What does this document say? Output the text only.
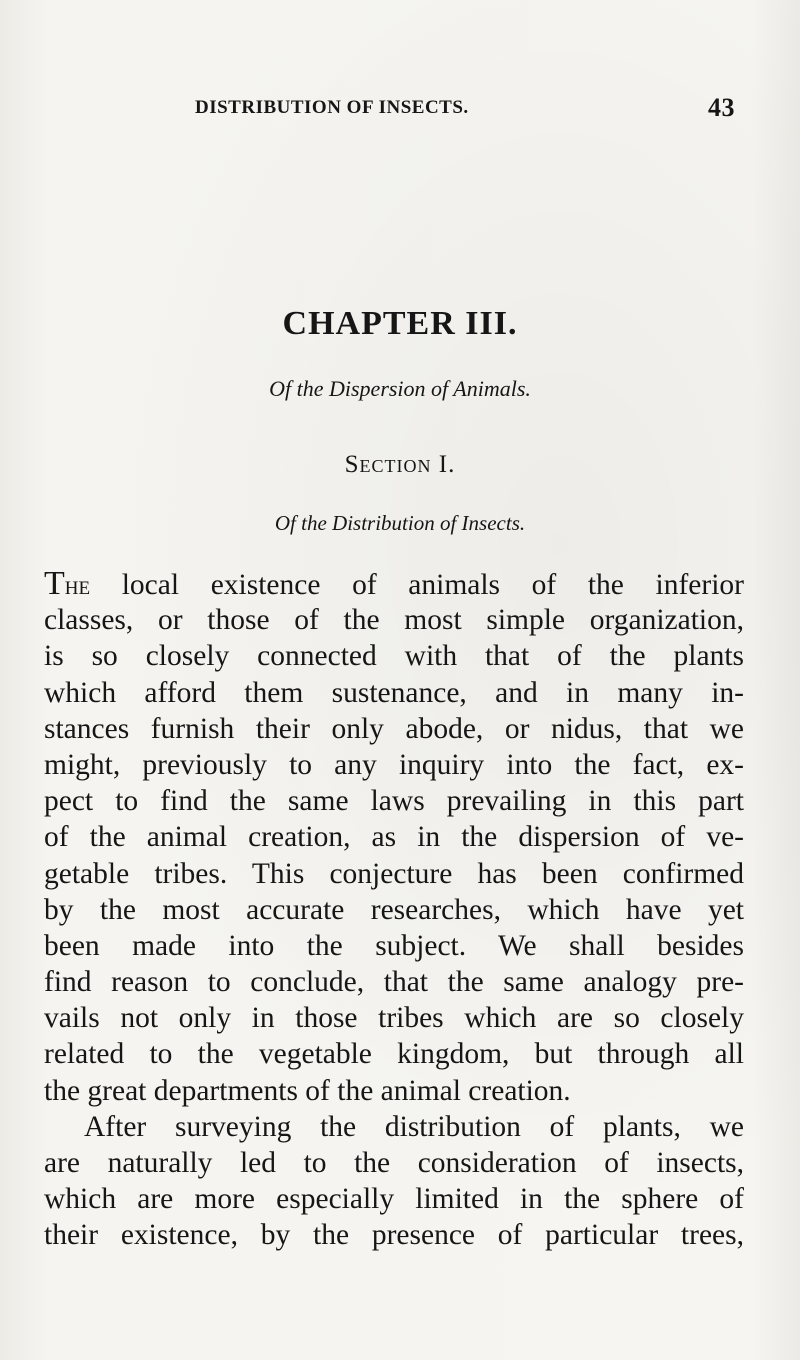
DISTRIBUTION OF INSECTS.	43
CHAPTER III.
Of the Dispersion of Animals.
Section I.
Of the Distribution of Insects.
The local existence of animals of the inferior
classes, or those of the most simple organization,
is so closely connected with that of the plants
which afford them sustenance, and in many in-
stances furnish their only abode, or nidus, that we
might, previously to any inquiry into the fact, ex-
pect to find the same laws prevailing in this part
of the animal creation, as in the dispersion of ve-
getable tribes. This conjecture has been confirmed
by the most accurate researches, which have yet
been made into the subject. We shall besides
find reason to conclude, that the same analogy pre-
vails not only in those tribes which are so closely
related to the vegetable kingdom, but through all
the great departments of the animal creation.
After surveying the distribution of plants, we
are naturally led to the consideration of insects,
which are more especially limited in the sphere of
their existence, by the presence of particular trees,
